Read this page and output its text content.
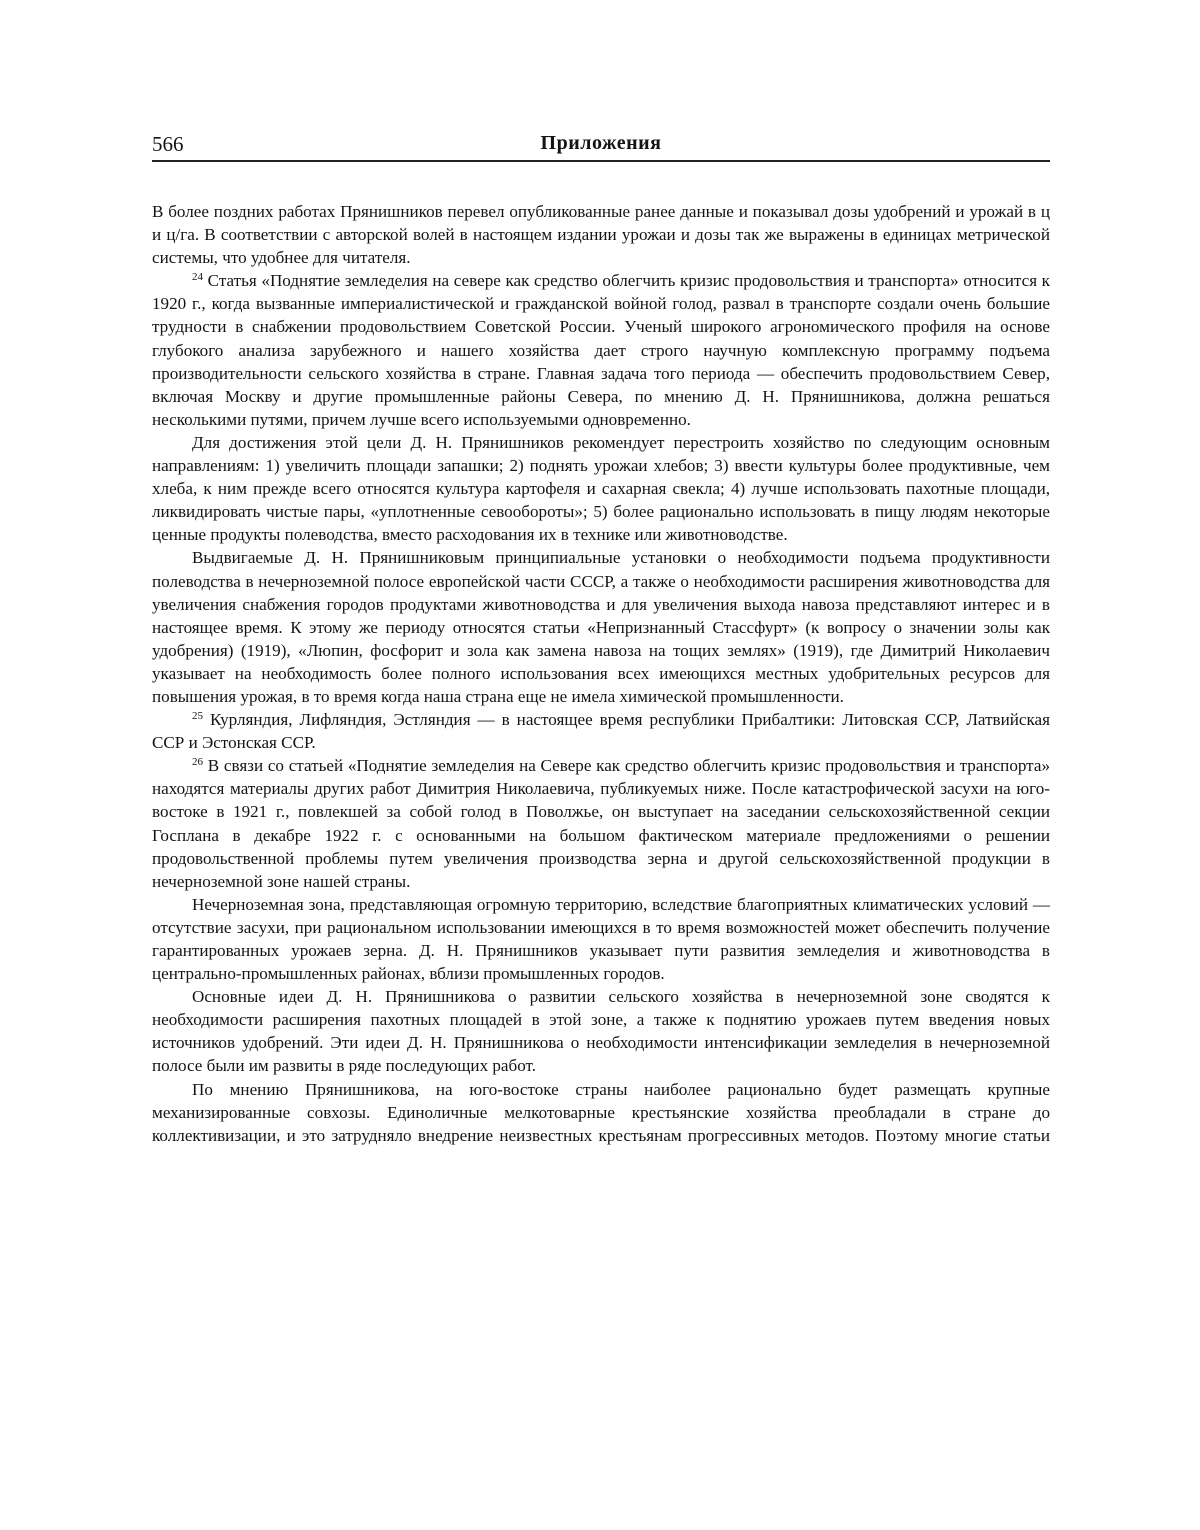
566	Приложения

В более поздних работах Прянишников перевел опубликованные ранее данные и показывал дозы удобрений и урожай в ц и ц/га. В соответствии с авторской волей в настоящем издании урожаи и дозы так же выражены в единицах метрической системы, что удобнее для читателя.

24 Статья «Поднятие земледелия на севере как средство облегчить кризис продовольствия и транспорта» относится к 1920 г., когда вызванные империалистической и гражданской войной голод, развал в транспорте создали очень большие трудности в снабжении продовольствием Советской России. Ученый широкого агрономического профиля на основе глубокого анализа зарубежного и нашего хозяйства дает строго научную комплексную программу подъема производительности сельского хозяйства в стране. Главная задача того периода — обеспечить продовольствием Север, включая Москву и другие промышленные районы Севера, по мнению Д. Н. Прянишникова, должна решаться несколькими путями, причем лучше всего используемыми одновременно.

Для достижения этой цели Д. Н. Прянишников рекомендует перестроить хозяйство по следующим основным направлениям: 1) увеличить площади запашки; 2) поднять урожаи хлебов; 3) ввести культуры более продуктивные, чем хлеба, к ним прежде всего относятся культура картофеля и сахарная свекла; 4) лучше использовать пахотные площади, ликвидировать чистые пары, «уплотненные севообороты»; 5) более рационально использовать в пищу людям некоторые ценные продукты полеводства, вместо расходования их в технике или животноводстве.

Выдвигаемые Д. Н. Прянишниковым принципиальные установки о необходимости подъема продуктивности полеводства в нечерноземной полосе европейской части СССР, а также о необходимости расширения животноводства для увеличения снабжения городов продуктами животноводства и для увеличения выхода навоза представляют интерес и в настоящее время. К этому же периоду относятся статьи «Непризнанный Стассфурт» (к вопросу о значении золы как удобрения) (1919), «Люпин, фосфорит и зола как замена навоза на тощих землях» (1919), где Димитрий Николаевич указывает на необходимость более полного использования всех имеющихся местных удобрительных ресурсов для повышения урожая, в то время когда наша страна еще не имела химической промышленности.

25 Курляндия, Лифляндия, Эстляндия — в настоящее время республики Прибалтики: Литовская ССР, Латвийская ССР и Эстонская ССР.

26 В связи со статьей «Поднятие земледелия на Севере как средство облегчить кризис продовольствия и транспорта» находятся материалы других работ Димитрия Николаевича, публикуемых ниже. После катастрофической засухи на юго-востоке в 1921 г., повлекшей за собой голод в Поволжье, он выступает на заседании сельскохозяйственной секции Госплана в декабре 1922 г. с основанными на большом фактическом материале предложениями о решении продовольственной проблемы путем увеличения производства зерна и другой сельскохозяйственной продукции в нечерноземной зоне нашей страны.

Нечерноземная зона, представляющая огромную территорию, вследствие благоприятных климатических условий — отсутствие засухи, при рациональном использовании имеющихся в то время возможностей может обеспечить получение гарантированных урожаев зерна. Д. Н. Прянишников указывает пути развития земледелия и животноводства в центрально-промышленных районах, вблизи промышленных городов.

Основные идеи Д. Н. Прянишникова о развитии сельского хозяйства в нечерноземной зоне сводятся к необходимости расширения пахотных площадей в этой зоне, а также к поднятию урожаев путем введения новых источников удобрений. Эти идеи Д. Н. Прянишникова о необходимости интенсификации земледелия в нечерноземной полосе были им развиты в ряде последующих работ.

По мнению Прянишникова, на юго-востоке страны наиболее рационально будет размещать крупные механизированные совхозы. Единоличные мелкотоварные крестьянские хозяйства преобладали в стране до коллективизации, и это затрудняло внедрение неизвестных крестьянам прогрессивных методов. Поэтому многие статьи
